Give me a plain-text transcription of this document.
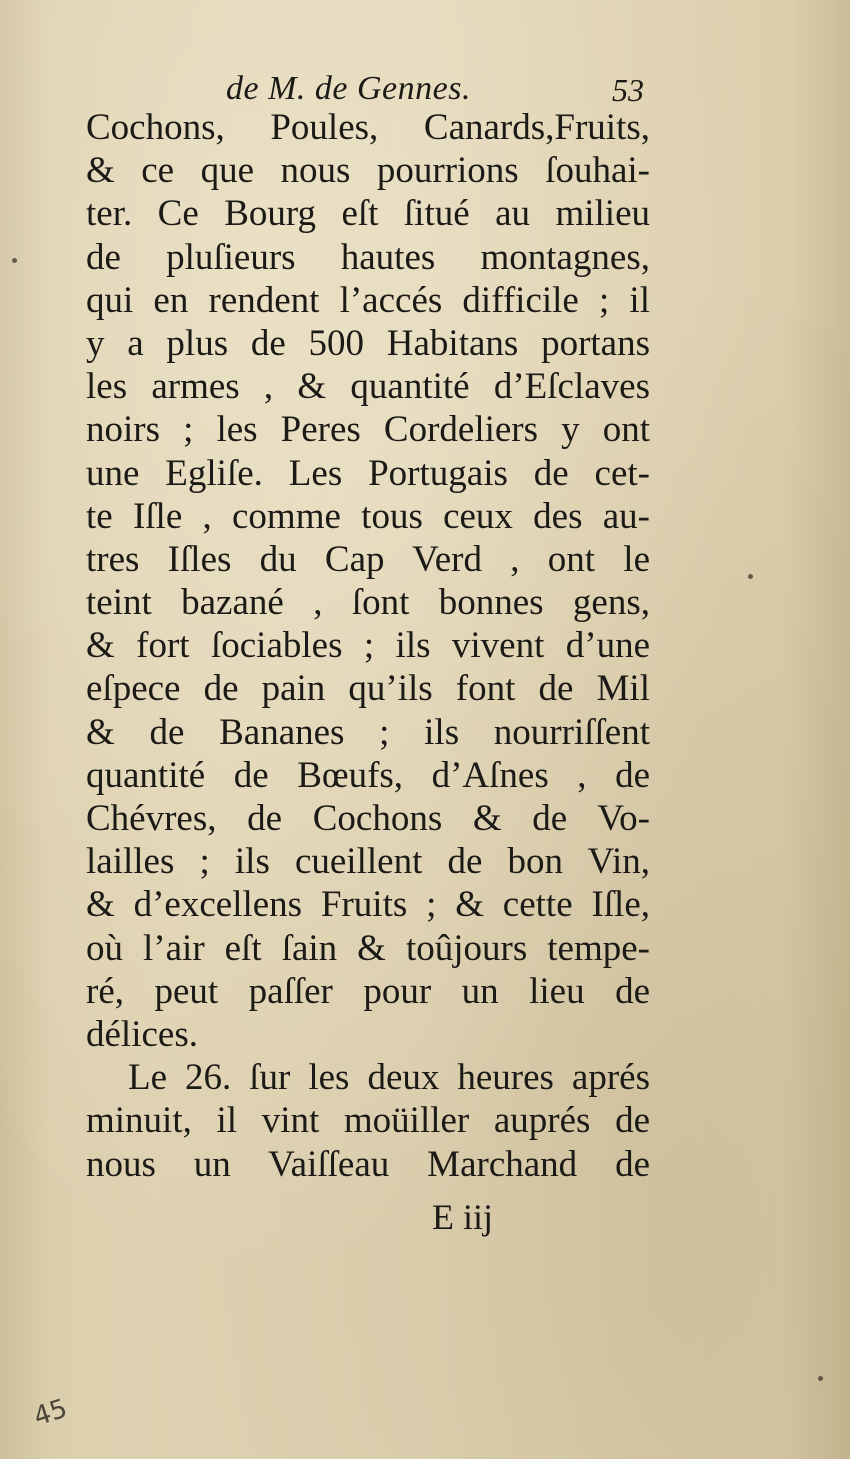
de M. de Gennes.	53
Cochons, Poules, Canards,Fruits,
& ce que nous pourrions ſouhai-
ter. Ce Bourg eſt ſitué au milieu
de pluſieurs hautes montagnes,
qui en rendent l’accés difficile ; il
y a plus de 500 Habitans portans
les armes , & quantité d’Eſclaves
noirs ; les Peres Cordeliers y ont
une Egliſe. Les Portugais de cet-
te Iſle , comme tous ceux des au-
tres Iſles du Cap Verd , ont le
teint bazané , ſont bonnes gens,
& fort ſociables ; ils vivent d’une
eſpece de pain qu’ils font de Mil
& de Bananes ; ils nourriſſent
quantité de Bœufs, d’Aſnes , de
Chévres, de Cochons & de Vo-
lailles ; ils cueillent de bon Vin,
& d’excellens Fruits ; & cette Iſle,
où l’air eſt ſain & toûjours tempe-
ré, peut paſſer pour un lieu de
délices.
Le 26. ſur les deux heures aprés
minuit, il vint moüiller auprés de
nous un Vaiſſeau Marchand de
E iij
45
